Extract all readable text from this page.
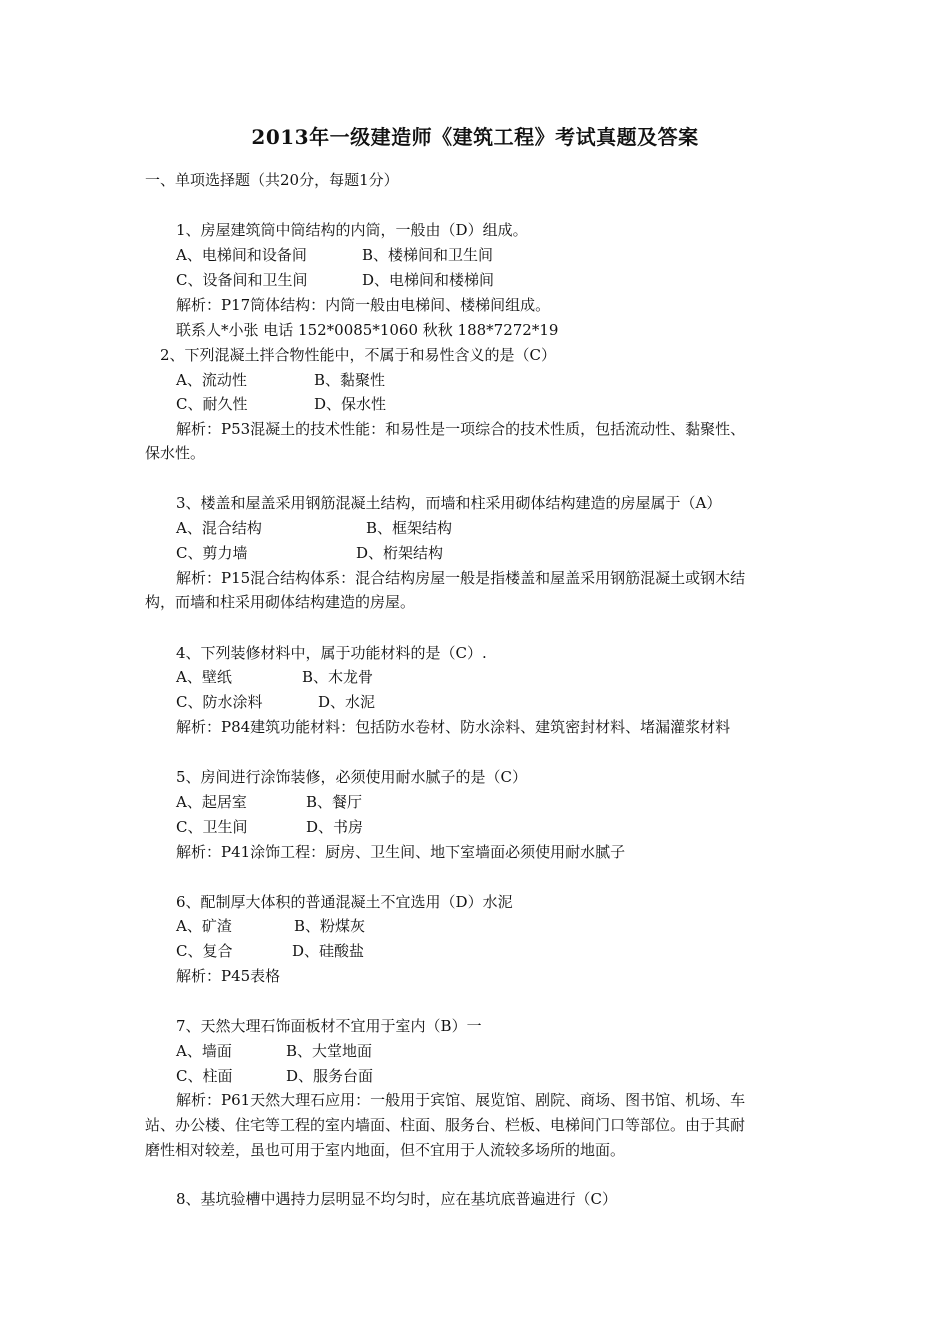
2013年一级建造师《建筑工程》考试真题及答案
一、单项选择题（共20分，每题1分）
1、房屋建筑筒中筒结构的内筒，一般由（D）组成。
A、电梯间和设备间	B、楼梯间和卫生间
C、设备间和卫生间	D、电梯间和楼梯间
解析：P17筒体结构：内筒一般由电梯间、楼梯间组成。
联系人*小张 电话 152*0085*1060 秋秋 188*7272*19
2、下列混凝土拌合物性能中，不属于和易性含义的是（C）
A、流动性	B、黏聚性
C、耐久性	D、保水性
解析：P53混凝土的技术性能：和易性是一项综合的技术性质，包括流动性、黏聚性、
保水性。
3、楼盖和屋盖采用钢筋混凝土结构，而墙和柱采用砌体结构建造的房屋属于（A）
A、混合结构	B、框架结构
C、剪力墙	D、桁架结构
解析：P15混合结构体系：混合结构房屋一般是指楼盖和屋盖采用钢筋混凝土或钢木结
构，而墙和柱采用砌体结构建造的房屋。
4、下列装修材料中，属于功能材料的是（C）.
A、壁纸	B、木龙骨
C、防水涂料	D、水泥
解析：P84建筑功能材料：包括防水卷材、防水涂料、建筑密封材料、堵漏灌浆材料
5、房间进行涂饰装修，必须使用耐水腻子的是（C）
A、起居室	B、餐厅
C、卫生间	D、书房
解析：P41涂饰工程：厨房、卫生间、地下室墙面必须使用耐水腻子
6、配制厚大体积的普通混凝土不宜选用（D）水泥
A、矿渣	B、粉煤灰
C、复合	D、硅酸盐
解析：P45表格
7、天然大理石饰面板材不宜用于室内（B）一
A、墙面	B、大堂地面
C、柱面	D、服务台面
解析：P61天然大理石应用：一般用于宾馆、展览馆、剧院、商场、图书馆、机场、车
站、办公楼、住宅等工程的室内墙面、柱面、服务台、栏板、电梯间门口等部位。由于其耐
磨性相对较差，虽也可用于室内地面，但不宜用于人流较多场所的地面。
8、基坑验槽中遇持力层明显不均匀时，应在基坑底普遍进行（C）
